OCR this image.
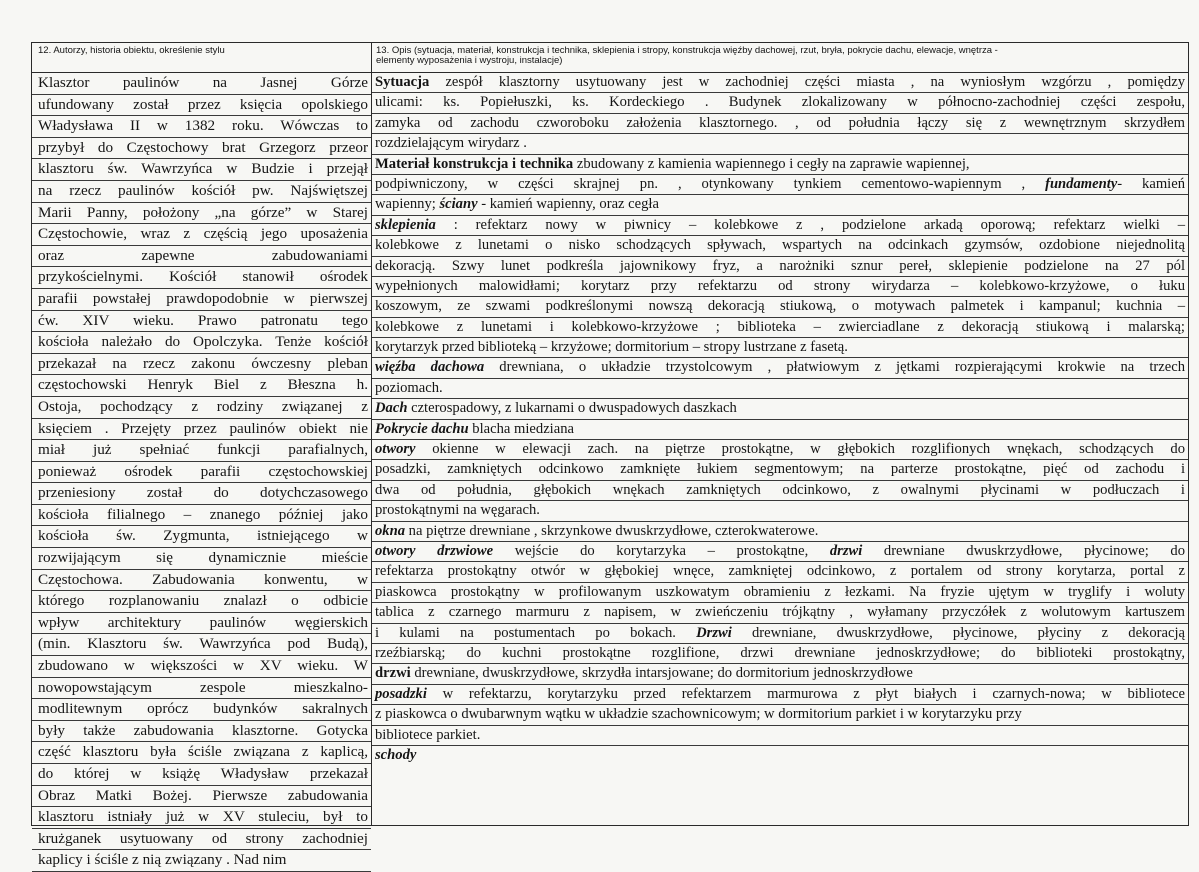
12. Autorzy, historia obiektu, określenie stylu	13. Opis (sytuacja, materiał, konstrukcja i technika, sklepienia i stropy, konstrukcja więźby dachowej, rzut, bryła, pokrycie dachu, elewacje, wnętrza -
elementy wyposażenia i wystroju, instalacje)
Klasztor paulinów na Jasnej Górze
ufundowany został przez księcia opolskiego
Władysława II w 1382 roku. Wówczas to
przybył do Częstochowy brat Grzegorz przeor
klasztoru św. Wawrzyńca w Budzie i przejął
na rzecz paulinów kościół pw. Najświętszej
Marii Panny, położony „na górze” w Starej
Częstochowie, wraz z częścią jego uposażenia
oraz zapewne zabudowaniami
przykościelnymi. Kościół stanowił ośrodek
parafii powstałej prawdopodobnie w pierwszej
ćw. XIV wieku. Prawo patronatu tego
kościoła należało do Opolczyka. Tenże kościół
przekazał na rzecz zakonu ówczesny pleban
częstochowski Henryk Biel z Błeszna h.
Ostoja, pochodzący z rodziny związanej z
księciem . Przejęty przez paulinów obiekt nie
miał już spełniać funkcji parafialnych,
ponieważ ośrodek parafii częstochowskiej
przeniesiony został do dotychczasowego
kościoła filialnego – znanego później jako
kościoła św. Zygmunta, istniejącego w
rozwijającym się dynamicznie mieście
Częstochowa. Zabudowania konwentu, w
którego rozplanowaniu znalazł o odbicie
wpływ architektury paulinów węgierskich
(min. Klasztoru św. Wawrzyńca pod Budą),
zbudowano w większości w XV wieku. W
nowopowstającym zespole mieszkalno-
modlitewnym oprócz budynków sakralnych
były także zabudowania klasztorne. Gotycka
część klasztoru była ściśle związana z kaplicą,
do której w książę Władysław przekazał
Obraz Matki Bożej. Pierwsze zabudowania
klasztoru istniały już w XV stuleciu, był to
krużganek usytuowany od strony zachodniej
kaplicy i ściśle z nią związany . Nad nim
Sytuacja zespół klasztorny usytuowany jest w zachodniej części miasta , na wyniosłym wzgórzu , pomiędzy
ulicami: ks. Popiełuszki, ks. Kordeckiego . Budynek zlokalizowany w północno-zachodniej części zespołu,
zamyka od zachodu czworoboku założenia klasztornego. , od południa łączy się z wewnętrznym skrzydłem
rozdzielającym wirydarz .
Materiał konstrukcja i technika zbudowany z kamienia wapiennego i cegły na zaprawie wapiennej,
podpiwniczony, w części skrajnej pn. , otynkowany tynkiem cementowo-wapiennym , fundamenty- kamień
wapienny; ściany - kamień wapienny, oraz cegła
sklepienia : refektarz nowy w piwnicy – kolebkowe z , podzielone arkadą oporową; refektarz wielki –
kolebkowe z lunetami o nisko schodzących spływach, wspartych na odcinkach gzymsów, ozdobione niejednolitą
dekoracją. Szwy lunet podkreśla jajownikowy fryz, a narożniki sznur pereł, sklepienie podzielone na 27 pól
wypełnionych malowidłami; korytarz przy refektarzu od strony wirydarza – kolebkowo-krzyżowe, o łuku
koszowym, ze szwami podkreślonymi nowszą dekoracją stiukową, o motywach palmetek i kampanul; kuchnia –
kolebkowe z lunetami i kolebkowo-krzyżowe ; biblioteka – zwierciadlane z dekoracją stiukową i malarską;
korytarzyk przed biblioteką – krzyżowe; dormitorium – stropy lustrzane z fasetą.
więźba dachowa drewniana, o układzie trzystolcowym , płatwiowym z jętkami rozpierającymi krokwie na trzech
poziomach.
Dach czterospadowy, z lukarnami o dwuspadowych daszkach
Pokrycie dachu blacha miedziana
otwory okienne w elewacji zach. na piętrze prostokątne, w głębokich rozglifionych wnękach, schodzących do
posadzki, zamkniętych odcinkowo zamknięte łukiem segmentowym; na parterze prostokątne, pięć od zachodu i
dwa od południa, głębokich wnękach zamkniętych odcinkowo, z owalnymi płycinami w podłuczach i
prostokątnymi na węgarach.
okna na piętrze drewniane , skrzynkowe dwuskrzydłowe, czterokwaterowe.
otwory drzwiowe wejście do korytarzyka – prostokątne, drzwi drewniane dwuskrzydłowe, płycinowe; do
refektarza prostokątny otwór w głębokiej wnęce, zamkniętej odcinkowo, z portalem od strony korytarza, portal z
piaskowca prostokątny w profilowanym uszkowatym obramieniu z łezkami. Na fryzie ujętym w tryglify i woluty
tablica z czarnego marmuru z napisem, w zwieńczeniu trójkątny , wyłamany przyczółek z wolutowym kartuszem
i kulami na postumentach po bokach. Drzwi drewniane, dwuskrzydłowe, płycinowe, płyciny z dekoracją
rzeźbiarską; do kuchni prostokątne rozglifione, drzwi drewniane jednoskrzydłowe; do biblioteki prostokątny,
drzwi drewniane, dwuskrzydłowe, skrzydła intarsjowane; do dormitorium jednoskrzydłowe
posadzki w refektarzu, korytarzyku przed refektarzem marmurowa z płyt białych i czarnych-nowa; w bibliotece
z piaskowca o dwubarwnym wątku w układzie szachownicowym; w dormitorium parkiet i w korytarzyku przy
bibliotece parkiet.
schody
